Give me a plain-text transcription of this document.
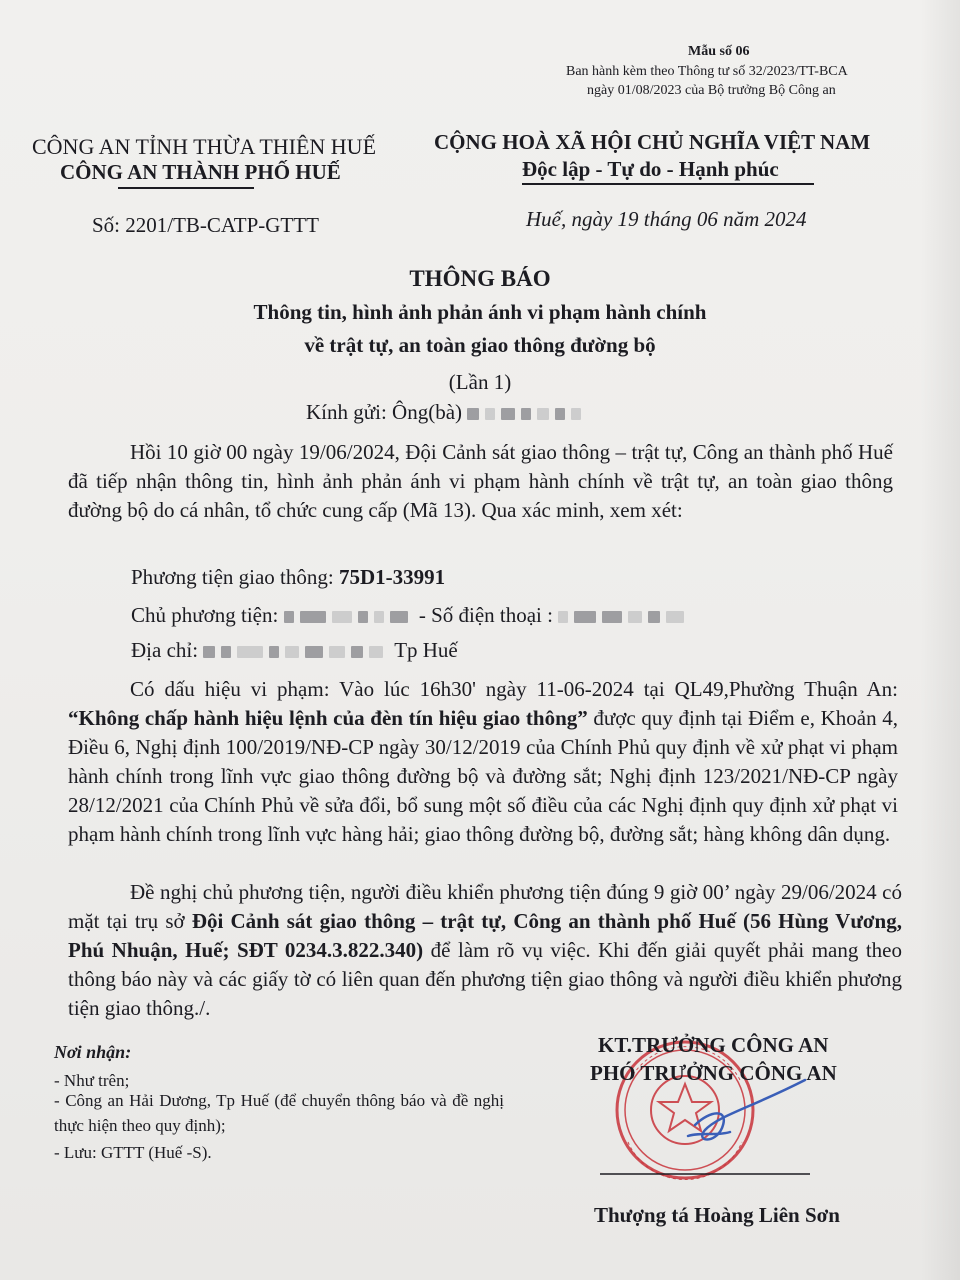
Mẫu số 06
Ban hành kèm theo Thông tư số 32/2023/TT-BCA
ngày 01/08/2023 của Bộ trưởng Bộ Công an
CÔNG AN TỈNH THỪA THIÊN HUẾ
CÔNG AN THÀNH PHỐ HUẾ
CỘNG HOÀ XÃ HỘI CHỦ NGHĨA VIỆT NAM
Độc lập - Tự do - Hạnh phúc
Số: 2201/TB-CATP-GTTT	Huế, ngày 19 tháng 06 năm 2024
THÔNG BÁO
Thông tin, hình ảnh phản ánh vi phạm hành chính
về trật tự, an toàn giao thông đường bộ
(Lần 1)
Kính gửi: Ông(bà)
Hồi 10 giờ 00 ngày 19/06/2024, Đội Cảnh sát giao thông – trật tự, Công an thành phố Huế đã tiếp nhận thông tin, hình ảnh phản ánh vi phạm hành chính về trật tự, an toàn giao thông đường bộ do cá nhân, tổ chức cung cấp (Mã 13). Qua xác minh, xem xét:
Phương tiện giao thông: 75D1-33991
Chủ phương tiện:	- Số điện thoại :
Địa chỉ:	Tp Huế
Có dấu hiệu vi phạm: Vào lúc 16h30' ngày 11-06-2024 tại QL49,Phường Thuận An: “Không chấp hành hiệu lệnh của đèn tín hiệu giao thông” được quy định tại Điểm e, Khoản 4, Điều 6, Nghị định 100/2019/NĐ-CP ngày 30/12/2019 của Chính Phủ quy định về xử phạt vi phạm hành chính trong lĩnh vực giao thông đường bộ và đường sắt; Nghị định 123/2021/NĐ-CP ngày 28/12/2021 của Chính Phủ về sửa đổi, bổ sung một số điều của các Nghị định quy định xử phạt vi phạm hành chính trong lĩnh vực hàng hải; giao thông đường bộ, đường sắt; hàng không dân dụng.
Đề nghị chủ phương tiện, người điều khiển phương tiện đúng 9 giờ 00’ ngày 29/06/2024 có mặt tại trụ sở Đội Cảnh sát giao thông – trật tự, Công an thành phố Huế (56 Hùng Vương, Phú Nhuận, Huế; SĐT 0234.3.822.340) để làm rõ vụ việc. Khi đến giải quyết phải mang theo thông báo này và các giấy tờ có liên quan đến phương tiện giao thông và người điều khiển phương tiện giao thông./.
Nơi nhận:
- Như trên;
- Công an Hải Dương, Tp Huế (để chuyển thông báo và đề nghị thực hiện theo quy định);
- Lưu: GTTT (Huế -S).
KT.TRƯỞNG CÔNG AN
PHÓ TRƯỞNG CÔNG AN
Thượng tá Hoàng Liên Sơn
